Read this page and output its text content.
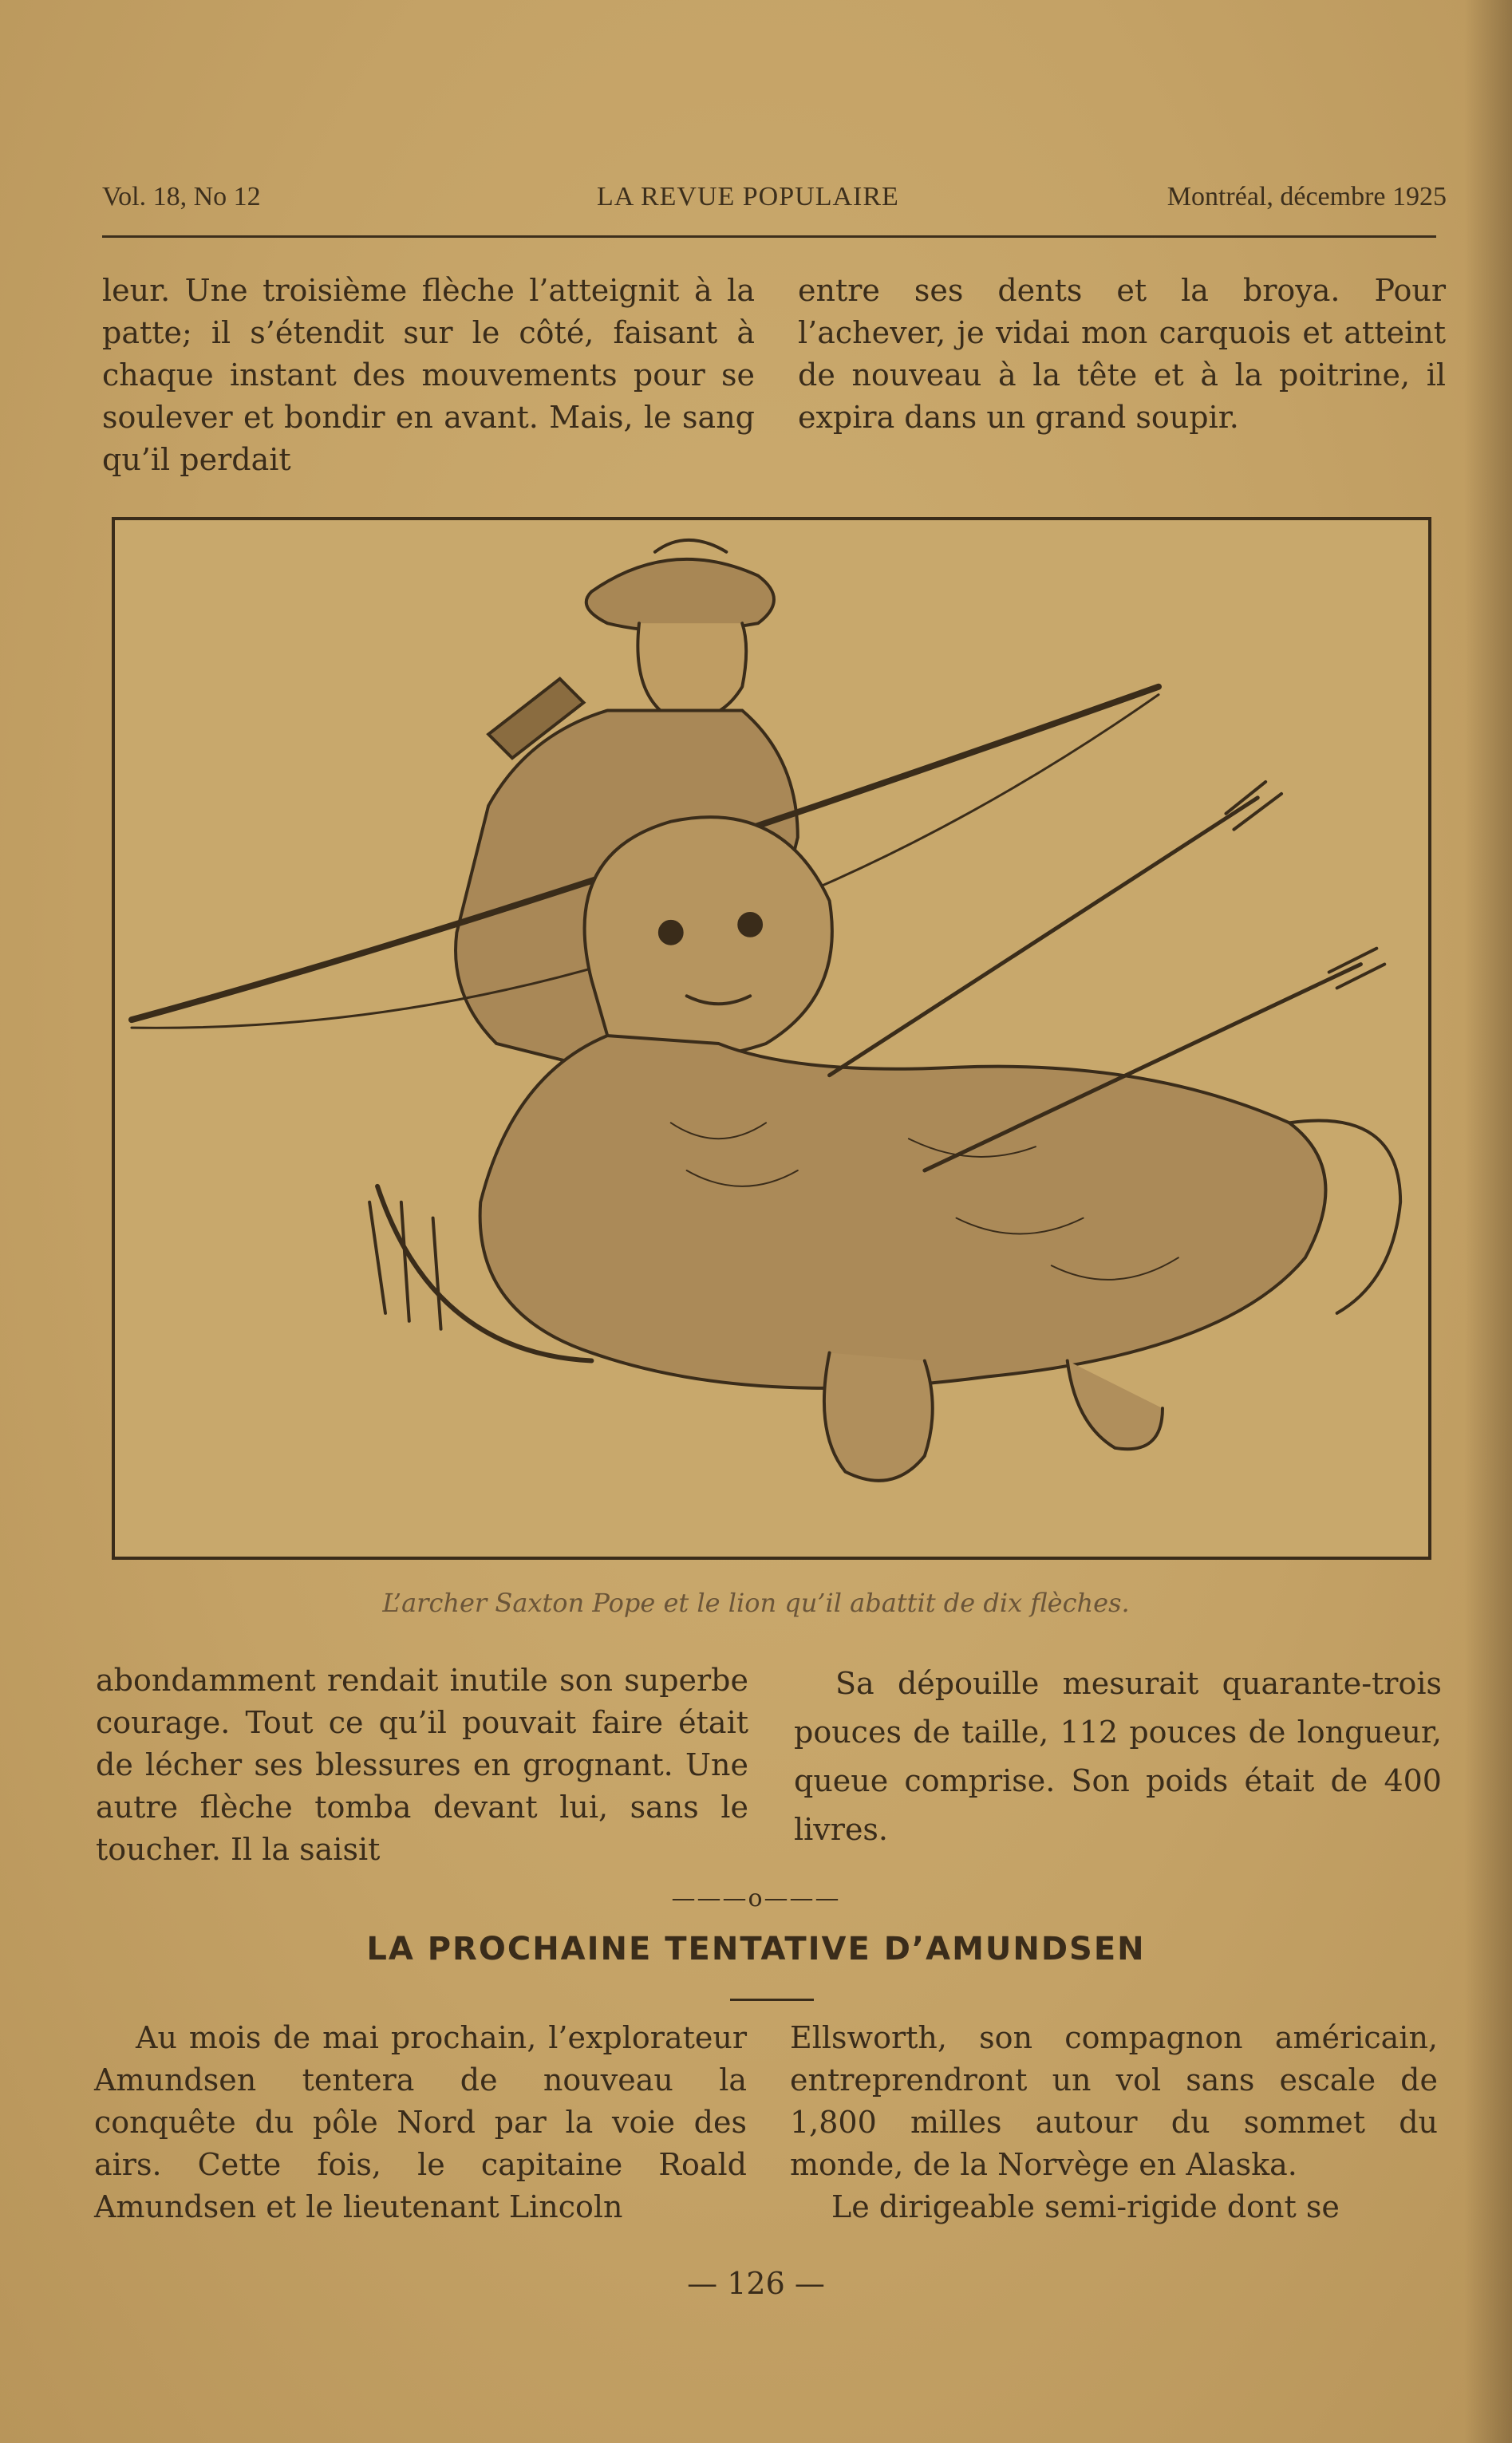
Vol. 18, No 12	LA REVUE POPULAIRE	Montréal, décembre 1925

leur. Une troisième flèche l’atteignit à la patte; il s’étendit sur le côté, faisant à chaque instant des mouvements pour se soulever et bondir en avant. Mais, le sang qu’il perdait

entre ses dents et la broya. Pour l’achever, je vidai mon carquois et atteint de nouveau à la tête et à la poitrine, il expira dans un grand soupir.

L’archer Saxton Pope et le lion qu’il abattit de dix flèches.

abondamment rendait inutile son superbe courage. Tout ce qu’il pouvait faire était de lécher ses blessures en grognant. Une autre flèche tomba devant lui, sans le toucher. Il la saisit

Sa dépouille mesurait quarante-trois pouces de taille, 112 pouces de longueur, queue comprise. Son poids était de 400 livres.

———o———
LA PROCHAINE TENTATIVE D’AMUNDSEN

Au mois de mai prochain, l’explorateur Amundsen tentera de nouveau la conquête du pôle Nord par la voie des airs. Cette fois, le capitaine Roald Amundsen et le lieutenant Lincoln

Ellsworth, son compagnon américain, entreprendront un vol sans escale de 1,800 milles autour du sommet du monde, de la Norvège en Alaska.

Le dirigeable semi-rigide dont se

— 126 —
